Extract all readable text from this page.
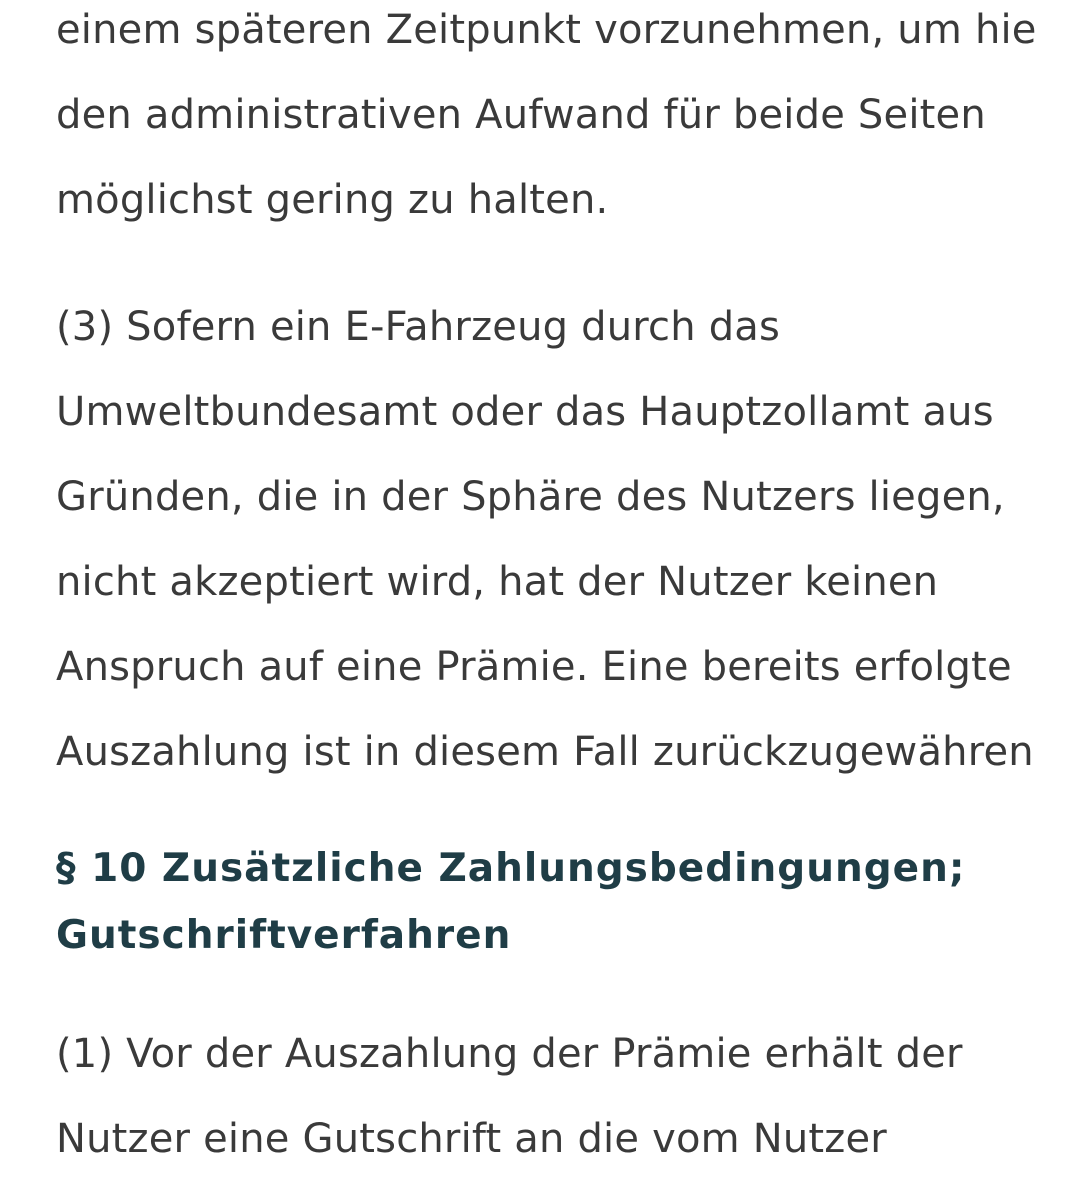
einem späteren Zeitpunkt vorzunehmen, um hie
den administrativen Aufwand für beide Seiten
möglichst gering zu halten.
(3) Sofern ein E-Fahrzeug durch das
Umweltbundesamt oder das Hauptzollamt aus
Gründen, die in der Sphäre des Nutzers liegen,
nicht akzeptiert wird, hat der Nutzer keinen
Anspruch auf eine Prämie. Eine bereits erfolgte
Auszahlung ist in diesem Fall zurückzugewähren
§ 10 Zusätzliche Zahlungsbedingungen;
Gutschriftverfahren
(1) Vor der Auszahlung der Prämie erhält der
Nutzer eine Gutschrift an die vom Nutzer
